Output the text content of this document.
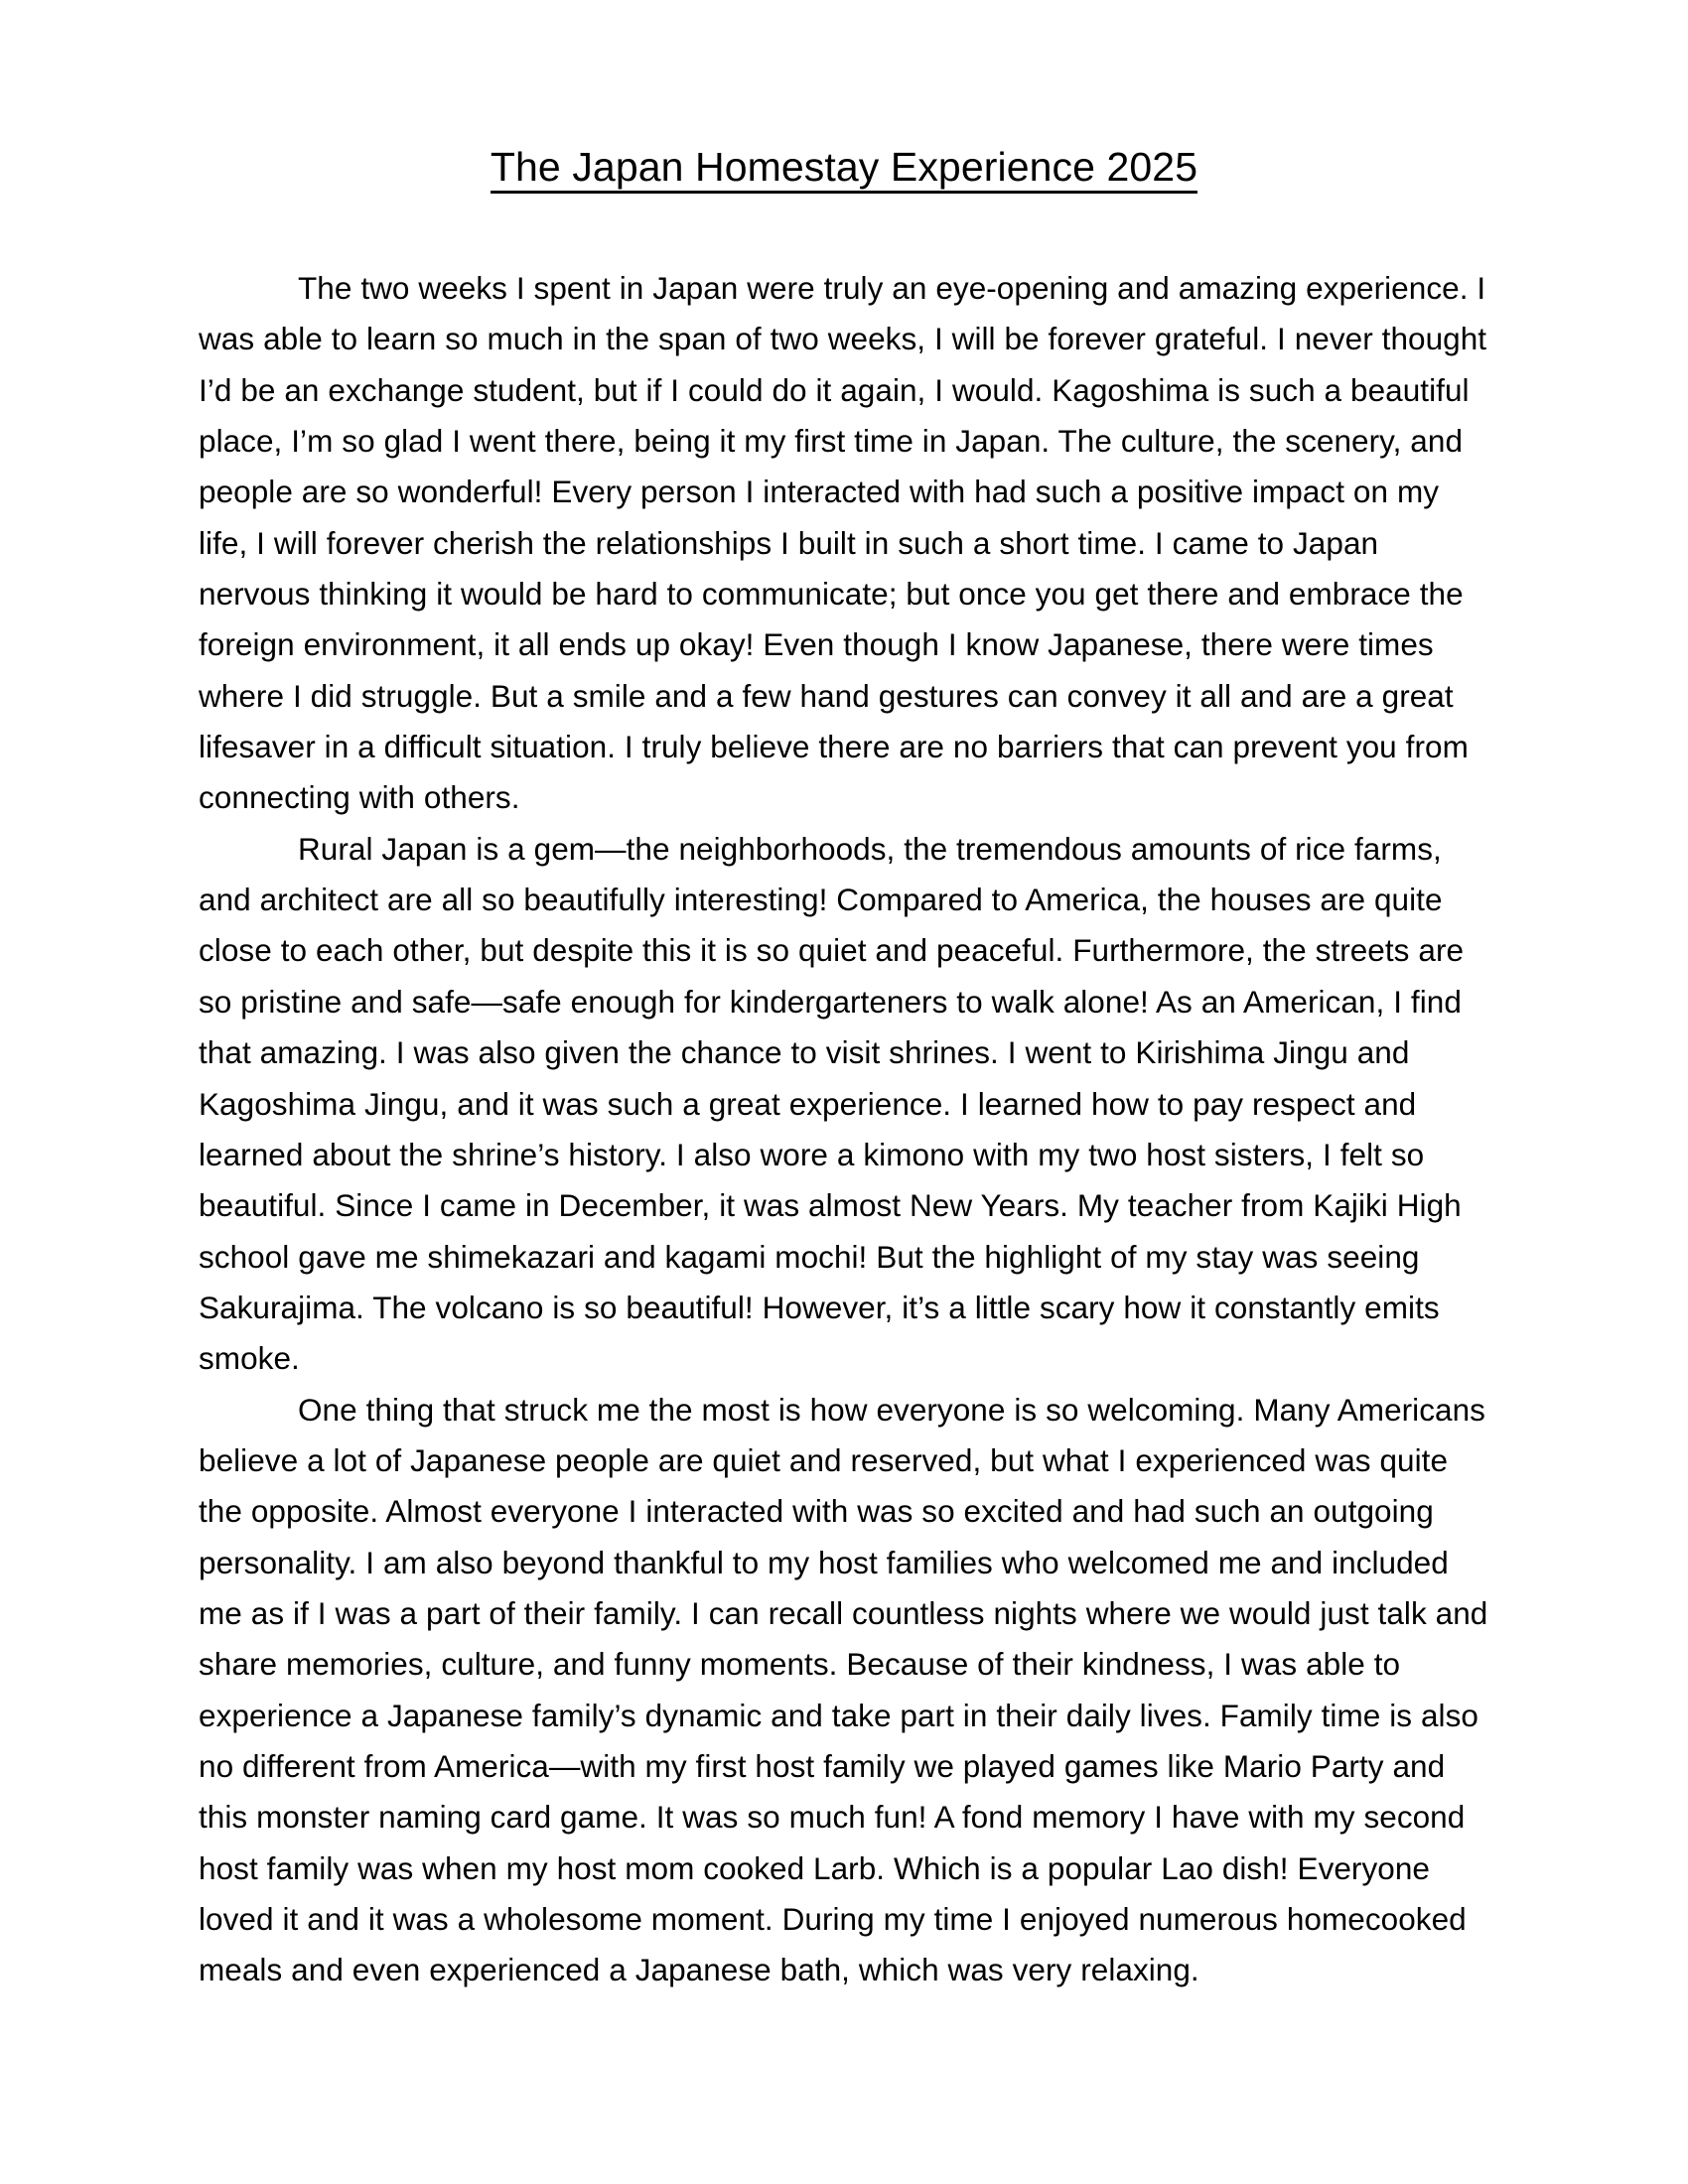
The Japan Homestay Experience 2025

The two weeks I spent in Japan were truly an eye-opening and amazing experience. I was able to learn so much in the span of two weeks, I will be forever grateful. I never thought I’d be an exchange student, but if I could do it again, I would. Kagoshima is such a beautiful place, I’m so glad I went there, being it my first time in Japan. The culture, the scenery, and people are so wonderful! Every person I interacted with had such a positive impact on my life, I will forever cherish the relationships I built in such a short time. I came to Japan nervous thinking it would be hard to communicate; but once you get there and embrace the foreign environment, it all ends up okay! Even though I know Japanese, there were times where I did struggle. But a smile and a few hand gestures can convey it all and are a great lifesaver in a difficult situation. I truly believe there are no barriers that can prevent you from connecting with others.

Rural Japan is a gem—the neighborhoods, the tremendous amounts of rice farms, and architect are all so beautifully interesting! Compared to America, the houses are quite close to each other, but despite this it is so quiet and peaceful. Furthermore, the streets are so pristine and safe—safe enough for kindergarteners to walk alone! As an American, I find that amazing. I was also given the chance to visit shrines. I went to Kirishima Jingu and Kagoshima Jingu, and it was such a great experience. I learned how to pay respect and learned about the shrine’s history. I also wore a kimono with my two host sisters, I felt so beautiful. Since I came in December, it was almost New Years. My teacher from Kajiki High school gave me shimekazari and kagami mochi! But the highlight of my stay was seeing Sakurajima. The volcano is so beautiful! However, it’s a little scary how it constantly emits smoke.

One thing that struck me the most is how everyone is so welcoming. Many Americans believe a lot of Japanese people are quiet and reserved, but what I experienced was quite the opposite. Almost everyone I interacted with was so excited and had such an outgoing personality. I am also beyond thankful to my host families who welcomed me and included me as if I was a part of their family. I can recall countless nights where we would just talk and share memories, culture, and funny moments. Because of their kindness, I was able to experience a Japanese family’s dynamic and take part in their daily lives. Family time is also no different from America—with my first host family we played games like Mario Party and this monster naming card game. It was so much fun! A fond memory I have with my second host family was when my host mom cooked Larb. Which is a popular Lao dish! Everyone loved it and it was a wholesome moment. During my time I enjoyed numerous homecooked meals and even experienced a Japanese bath, which was very relaxing.
